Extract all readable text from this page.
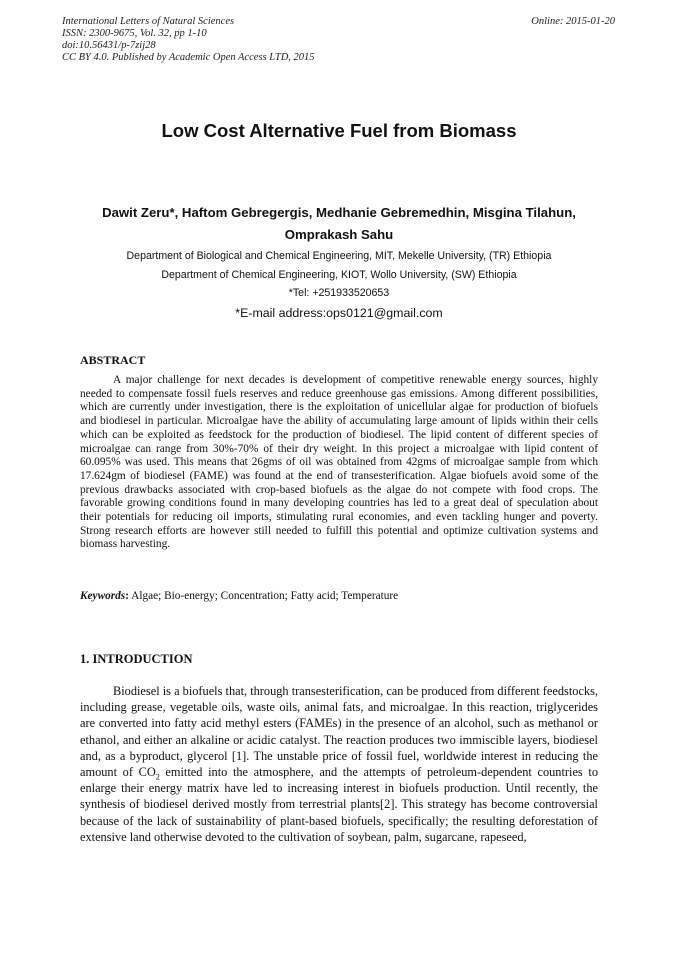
International Letters of Natural Sciences
ISSN: 2300-9675, Vol. 32, pp 1-10
doi:10.56431/p-7zij28
CC BY 4.0. Published by Academic Open Access LTD, 2015
Online: 2015-01-20
Low Cost Alternative Fuel from Biomass
Dawit Zeru*, Haftom Gebregergis, Medhanie Gebremedhin, Misgina Tilahun,
Omprakash Sahu
Department of Biological and Chemical Engineering, MIT, Mekelle University, (TR) Ethiopia
Department of Chemical Engineering, KIOT, Wollo University, (SW) Ethiopia
*Tel: +251933520653
*E-mail address:ops0121@gmail.com
ABSTRACT
A major challenge for next decades is development of competitive renewable energy sources, highly needed to compensate fossil fuels reserves and reduce greenhouse gas emissions. Among different possibilities, which are currently under investigation, there is the exploitation of unicellular algae for production of biofuels and biodiesel in particular. Microalgae have the ability of accumulating large amount of lipids within their cells which can be exploited as feedstock for the production of biodiesel. The lipid content of different species of microalgae can range from 30%-70% of their dry weight. In this project a microalgae with lipid content of 60.095% was used. This means that 26gms of oil was obtained from 42gms of microalgae sample from which 17.624gm of biodiesel (FAME) was found at the end of transesterification. Algae biofuels avoid some of the previous drawbacks associated with crop-based biofuels as the algae do not compete with food crops. The favorable growing conditions found in many developing countries has led to a great deal of speculation about their potentials for reducing oil imports, stimulating rural economies, and even tackling hunger and poverty. Strong research efforts are however still needed to fulfill this potential and optimize cultivation systems and biomass harvesting.
Keywords: Algae; Bio-energy; Concentration; Fatty acid; Temperature
1. INTRODUCTION
Biodiesel is a biofuels that, through transesterification, can be produced from different feedstocks, including grease, vegetable oils, waste oils, animal fats, and microalgae. In this reaction, triglycerides are converted into fatty acid methyl esters (FAMEs) in the presence of an alcohol, such as methanol or ethanol, and either an alkaline or acidic catalyst. The reaction produces two immiscible layers, biodiesel and, as a byproduct, glycerol [1]. The unstable price of fossil fuel, worldwide interest in reducing the amount of $CO_2$ emitted into the atmosphere, and the attempts of petroleum-dependent countries to enlarge their energy matrix have led to increasing interest in biofuels production. Until recently, the synthesis of biodiesel derived mostly from terrestrial plants[2]. This strategy has become controversial because of the lack of sustainability of plant-based biofuels, specifically; the resulting deforestation of extensive land otherwise devoted to the cultivation of soybean, palm, sugarcane, rapeseed,
